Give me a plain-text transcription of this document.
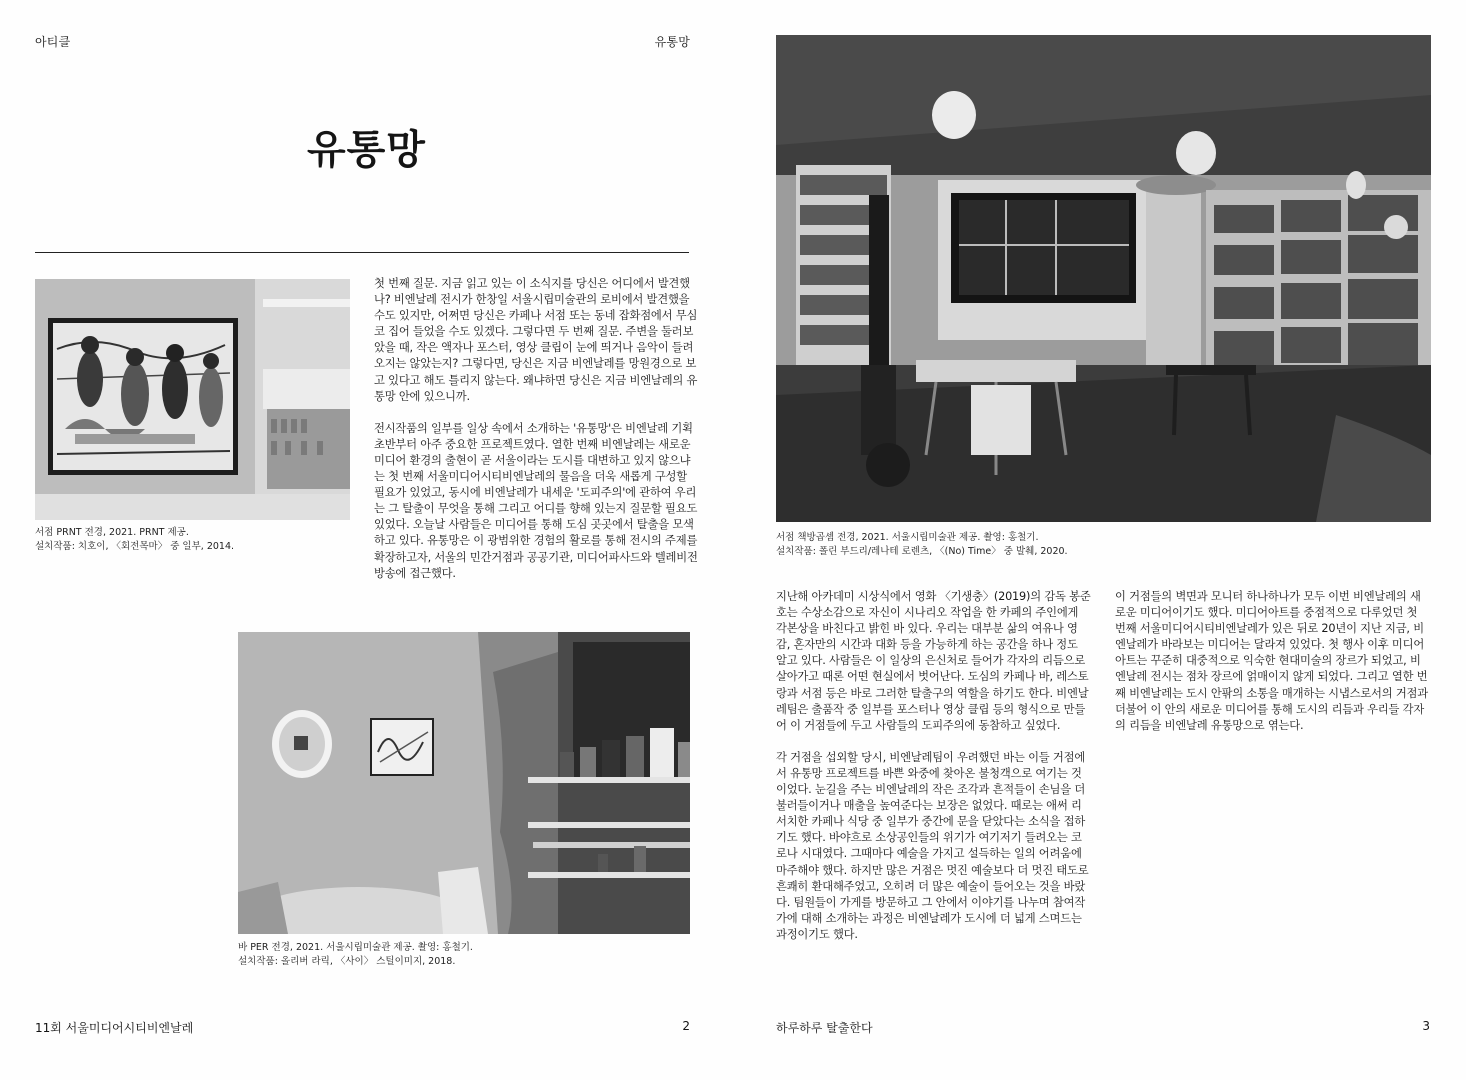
아티클	유통망
유통망
서점 PRNT 전경, 2021. PRNT 제공.
설치작품: 치호이, 〈회전목마〉 중 일부, 2014.

첫 번째 질문. 지금 읽고 있는 이 소식지를 당신은 어디에서 발견했나? 비엔날레 전시가 한창일 서울시립미술관의 로비에서 발견했을 수도 있지만, 어쩌면 당신은 카페나 서점 또는 동네 잡화점에서 무심코 집어 들었을 수도 있겠다. 그렇다면 두 번째 질문. 주변을 둘러보았을 때, 작은 액자나 포스터, 영상 클립이 눈에 띄거나 음악이 들려오지는 않았는지? 그렇다면, 당신은 지금 비엔날레를 망원경으로 보고 있다고 해도 틀리지 않는다. 왜냐하면 당신은 지금 비엔날레의 유통망 안에 있으니까.

전시작품의 일부를 일상 속에서 소개하는 '유통망'은 비엔날레 기획 초반부터 아주 중요한 프로젝트였다. 열한 번째 비엔날레는 새로운 미디어 환경의 출현이 곧 서울이라는 도시를 대변하고 있지 않으냐는 첫 번째 서울미디어시티비엔날레의 물음을 더욱 새롭게 구성할 필요가 있었고, 동시에 비엔날레가 내세운 '도피주의'에 관하여 우리는 그 탈출이 무엇을 통해 그리고 어디를 향해 있는지 질문할 필요도 있었다. 오늘날 사람들은 미디어를 통해 도심 곳곳에서 탈출을 모색하고 있다. 유통망은 이 광범위한 경험의 활로를 통해 전시의 주제를 확장하고자, 서울의 민간거점과 공공기관, 미디어파사드와 텔레비전 방송에 접근했다.

바 PER 전경, 2021. 서울시립미술관 제공. 촬영: 홍철기.
설치작품: 올리버 라릭, 〈사이〉 스틸이미지, 2018.
11회 서울미디어시티비엔날레	2
서점 책방곱셈 전경, 2021. 서울시립미술관 제공. 촬영: 홍철기.
설치작품: 폴린 부드리/레나테 로렌츠, 〈(No) Time〉 중 발췌, 2020.

지난해 아카데미 시상식에서 영화 〈기생충〉(2019)의 감독 봉준호는 수상소감으로 자신이 시나리오 작업을 한 카페의 주인에게 각본상을 바친다고 밝힌 바 있다. 우리는 대부분 삶의 여유나 영감, 혼자만의 시간과 대화 등을 가능하게 하는 공간을 하나 정도 알고 있다. 사람들은 이 일상의 은신처로 들어가 각자의 리듬으로 살아가고 때론 어떤 현실에서 벗어난다. 도심의 카페나 바, 레스토랑과 서점 등은 바로 그러한 탈출구의 역할을 하기도 한다. 비엔날레팀은 출품작 중 일부를 포스터나 영상 클립 등의 형식으로 만들어 이 거점들에 두고 사람들의 도피주의에 동참하고 싶었다.

각 거점을 섭외할 당시, 비엔날레팀이 우려했던 바는 이들 거점에서 유통망 프로젝트를 바쁜 와중에 찾아온 불청객으로 여기는 것이었다. 눈길을 주는 비엔날레의 작은 조각과 흔적들이 손님을 더 불러들이거나 매출을 높여준다는 보장은 없었다. 때로는 애써 리서치한 카페나 식당 중 일부가 중간에 문을 닫았다는 소식을 접하기도 했다. 바야흐로 소상공인들의 위기가 여기저기 들려오는 코로나 시대였다. 그때마다 예술을 가지고 설득하는 일의 어려움에 마주해야 했다. 하지만 많은 거점은 멋진 예술보다 더 멋진 태도로 흔쾌히 환대해주었고, 오히려 더 많은 예술이 들어오는 것을 바랐다. 팀원들이 가게를 방문하고 그 안에서 이야기를 나누며 참여작가에 대해 소개하는 과정은 비엔날레가 도시에 더 넓게 스며드는 과정이기도 했다.

이 거점들의 벽면과 모니터 하나하나가 모두 이번 비엔날레의 새로운 미디어이기도 했다. 미디어아트를 중점적으로 다루었던 첫 번째 서울미디어시티비엔날레가 있은 뒤로 20년이 지난 지금, 비엔날레가 바라보는 미디어는 달라져 있었다. 첫 행사 이후 미디어아트는 꾸준히 대중적으로 익숙한 현대미술의 장르가 되었고, 비엔날레 전시는 점차 장르에 얽매이지 않게 되었다. 그리고 열한 번째 비엔날레는 도시 안팎의 소통을 매개하는 시냅스로서의 거점과 더불어 이 안의 새로운 미디어를 통해 도시의 리듬과 우리들 각자의 리듬을 비엔날레 유통망으로 엮는다.

하루하루 탈출한다	3
